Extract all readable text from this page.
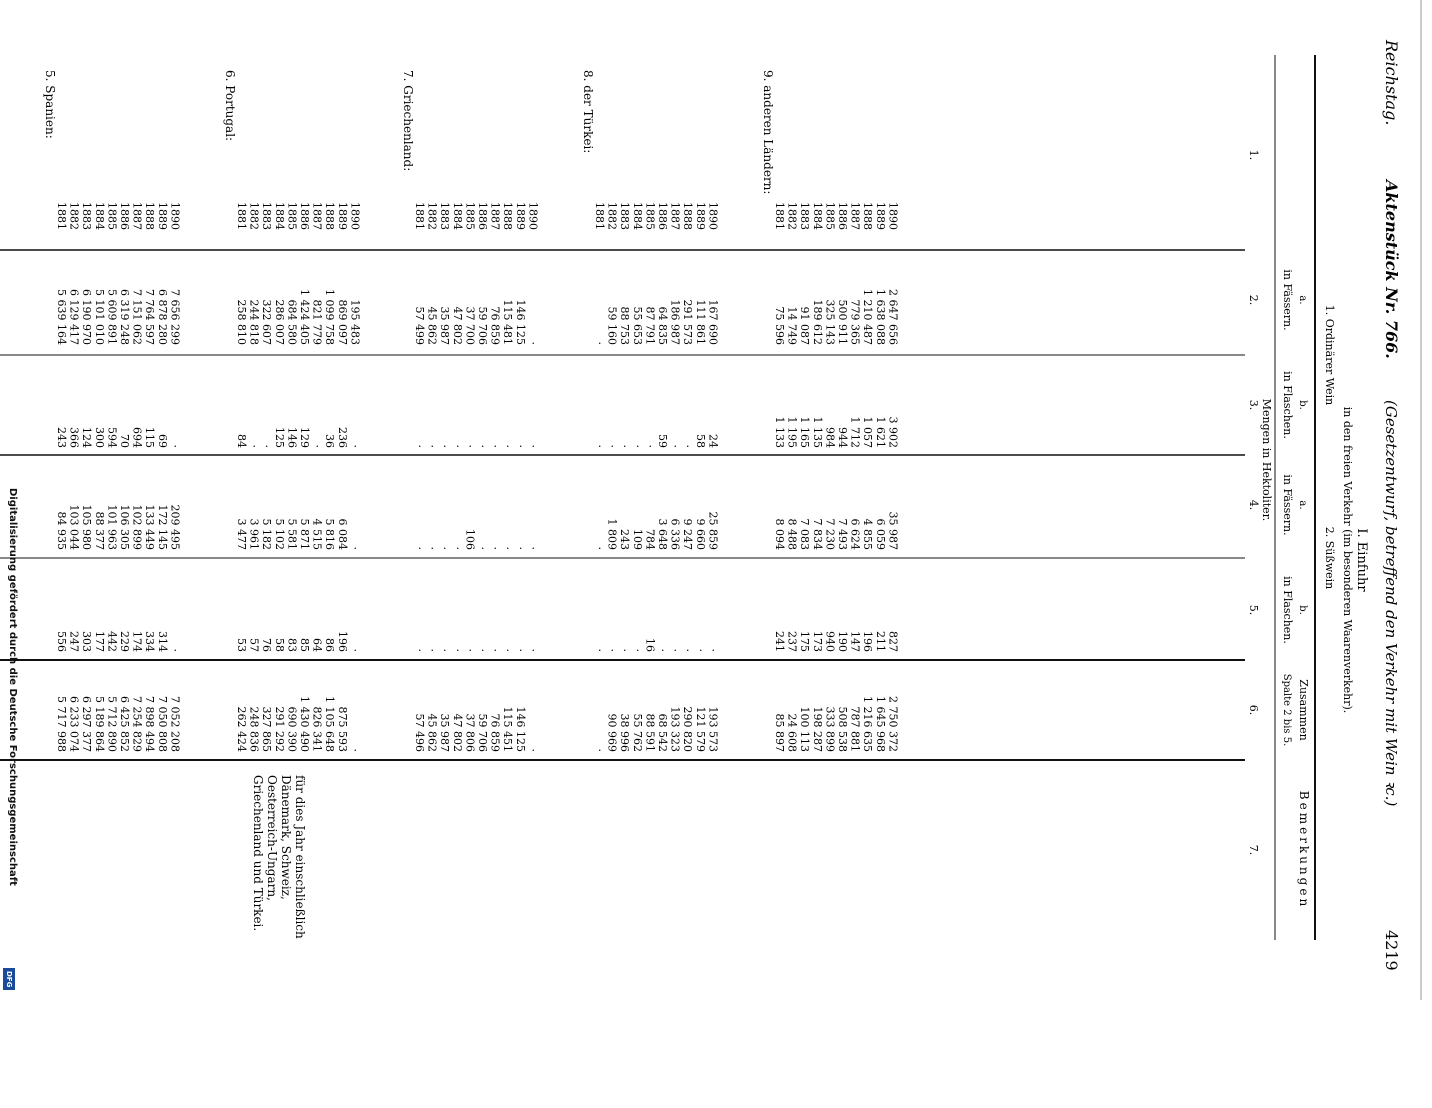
Digitalisierung gefördert durch die Deutsche Forschungsgemeinschaft
DFG
Reichstag.
Aktenstück Nr. 766.
(Gesetzentwurf, betreffend den Verkehr mit Wein ꝛc.)
4219
I. Einfuhr
in den freien Verkehr (im besonderen Waarenverkehr).
1. Ordinärer Wein
2. Süßwein
a.
b.
a.
b.
in Fässern.
in Flaschen.
in Fässern.
in Flaschen.
Mengen in Hektoliter.
Zusammen
Spalte 2 bis 5.
Bemerkungen
1.
2.
3.
4.
5.
6.
7.
5. Spanien:
1881
5 639 164
243
84 935
556
5 717 988
1882
6 129 417
366
103 044
247
6 233 074
1883
6 190 970
124
105 980
303
6 297 377
1884
5 101 010
300
88 377
177
5 189 864
1885
5 609 891
594
101 963
442
5 712 890
1886
6 319 248
70
106 305
229
6 425 852
1887
7 151 062
694
102 899
174
7 254 829
1888
7 764 597
115
133 449
334
7 898 494
1889
6 878 280
69
172 145
314
7 050 808
1890
7 656 299
·
209 495
·
7 052 208
6. Portugal:
1881
258 810
84
3 477
53
262 424
1882
244 818
·
3 961
57
248 836
1883
322 607
·
5 182
76
327 865
1884
286 007
125
5 102
58
291 292
1885
684 580
146
5 581
83
690 390
1886
1 424 405
129
5 871
85
1 430 490
1887
821 779
·
4 515
64
826 341
1888
1 099 758
36
5 816
86
1 105 648
1889
869 097
236
6 084
196
875 593
1890
195 483
·
·
·
·
7. Griechenland:
1881
57 499
·
·
·
57 496
1882
45 862
·
·
·
45 862
1883
35 987
·
·
·
35 987
1884
47 802
·
·
·
47 802
1885
37 700
·
106
·
37 806
1886
59 706
·
·
·
59 706
1887
76 859
·
·
·
76 859
1888
115 481
·
·
·
115 451
1889
146 125
·
·
·
146 125
1890
·
·
·
·
·
8. der Türkei:
1881
·
·
·
·
·
1882
59 160
·
1 809
·
90 969
1883
88 753
·
243
·
38 996
1884
55 653
·
109
·
55 762
1885
87 791
·
784
16
88 591
1886
64 835
59
3 648
·
68 542
1887
186 987
·
6 336
·
193 323
1888
291 573
·
9 247
·
290 820
1889
111 861
58
9 660
·
121 579
1890
167 690
24
25 859
·
193 573
9. anderen Ländern:
1881
75 596
1 133
8 094
241
85 897
1882
14 749
1 195
8 488
237
24 608
1883
91 087
1 165
7 083
175
100 113
1884
189 612
1 135
7 834
173
198 287
1885
325 143
984
7 230
940
333 899
1886
500 911
944
7 493
190
508 538
1887
779 365
1 712
6 624
147
787 881
1888
1 210 487
1 057
4 855
196
1 216 635
1889
1 638 088
1 621
6 059
211
1 645 968
1890
2 647 656
3 902
35 987
827
2 750 372
für dies Jahr einschließlich
Dänemark, Schweiz,
Oesterreich-Ungarn,
Griechenland und Türkei.
